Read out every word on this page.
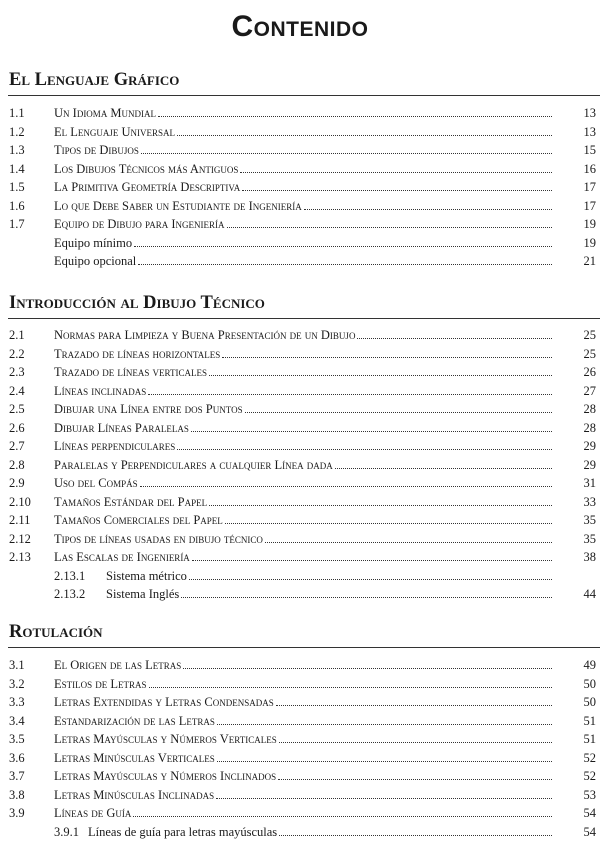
Contenido
El Lenguaje Gráfico
1.1 Un Idioma Mundial	13
1.2 El Lenguaje Universal	13
1.3 Tipos de Dibujos	15
1.4 Los Dibujos Técnicos más Antiguos	16
1.5 La Primitiva Geometría Descriptiva	17
1.6 Lo que Debe Saber un Estudiante de Ingeniería	17
1.7 Equipo de Dibujo para Ingeniería	19
Equipo mínimo	19
Equipo opcional	21
Introducción al Dibujo Técnico
2.1 Normas para Limpieza y Buena Presentación de un Dibujo	25
2.2 Trazado de líneas horizontales	25
2.3 Trazado de líneas verticales	26
2.4 Líneas inclinadas	27
2.5 Dibujar una Línea entre dos Puntos	28
2.6 Dibujar Líneas Paralelas	28
2.7 Líneas perpendiculares	29
2.8 Paralelas y Perpendiculares a cualquier Línea dada	29
2.9 Uso del Compás	31
2.10 Tamaños Estándar del Papel	33
2.11 Tamaños Comerciales del Papel	35
2.12 Tipos de líneas usadas en dibujo técnico	35
2.13 Las Escalas de Ingeniería	38
2.13.1 Sistema métrico
2.13.2 Sistema Inglés	44
Rotulación
3.1 El Origen de las Letras	49
3.2 Estilos de Letras	50
3.3 Letras Extendidas y Letras Condensadas	50
3.4 Estandarización de las Letras	51
3.5 Letras Mayúsculas y Números Verticales	51
3.6 Letras Minúsculas Verticales	52
3.7 Letras Mayúsculas y Números Inclinados	52
3.8 Letras Minúsculas Inclinadas	53
3.9 Líneas de Guía	54
3.9.1 Líneas de guía para letras mayúsculas	54
